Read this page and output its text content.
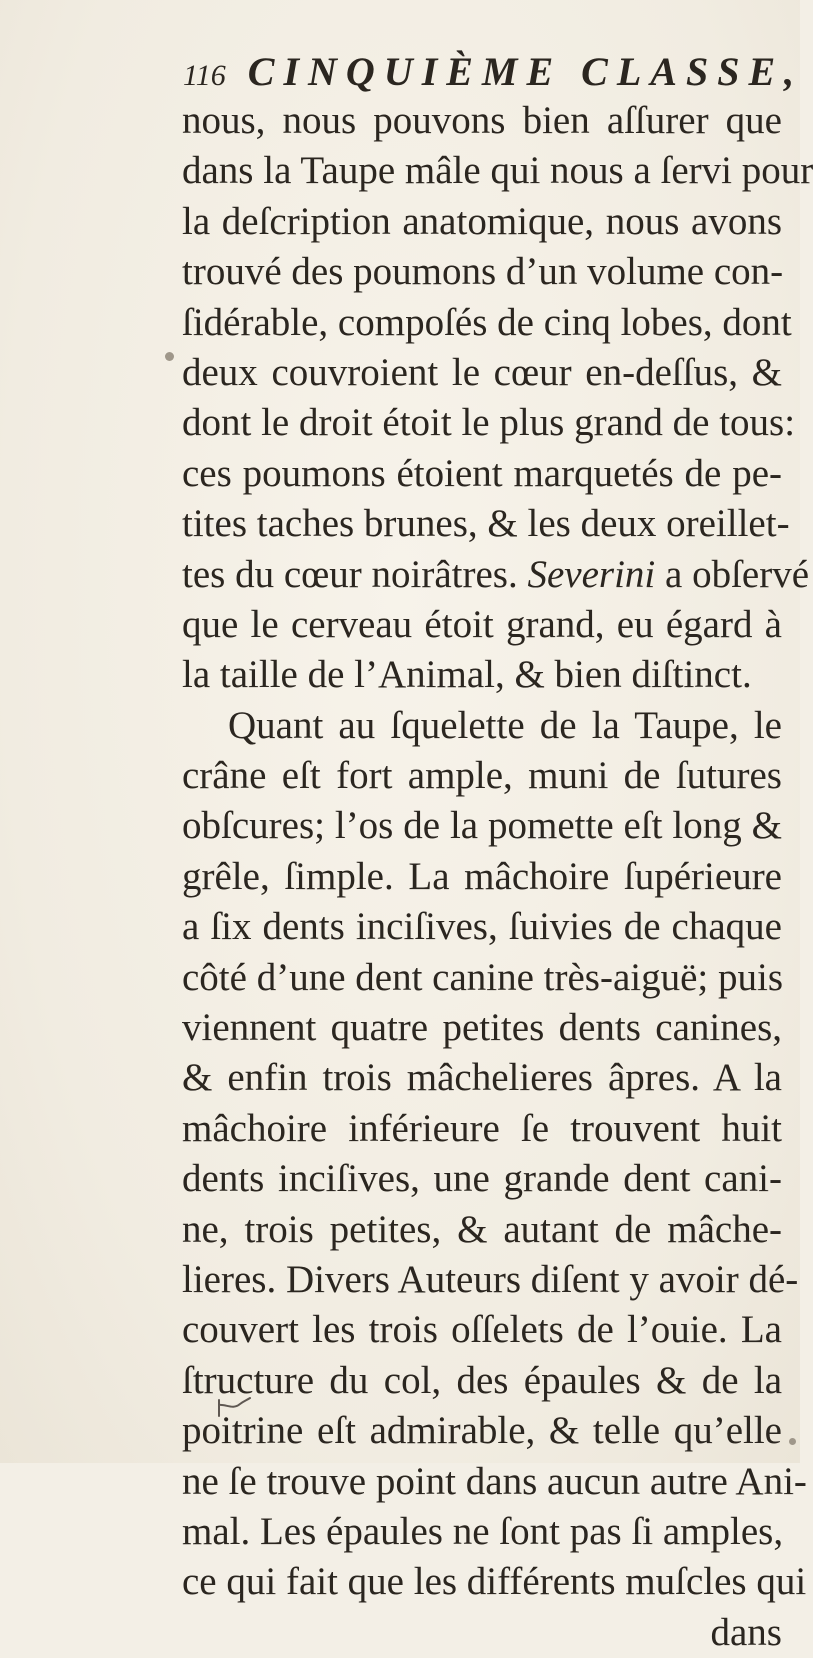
116 CINQUIÈME CLASSE,
nous, nous pouvons bien aſſurer que
dans la Taupe mâle qui nous a ſervi pour
la deſcription anatomique, nous avons
trouvé des poumons d’un volume con-
ſidérable, compoſés de cinq lobes, dont
deux couvroient le cœur en-deſſus, &
dont le droit étoit le plus grand de tous:
ces poumons étoient marquetés de pe-
tites taches brunes, & les deux oreillet-
tes du cœur noirâtres. Severini a obſervé
que le cerveau étoit grand, eu égard à
la taille de l’Animal, & bien diſtinct.
Quant au ſquelette de la Taupe, le
crâne eſt fort ample, muni de ſutures
obſcures; l’os de la pomette eſt long &
grêle, ſimple. La mâchoire ſupérieure
a ſix dents inciſives, ſuivies de chaque
côté d’une dent canine très-aiguë; puis
viennent quatre petites dents canines,
& enfin trois mâchelieres âpres. A la
mâchoire inférieure ſe trouvent huit
dents inciſives, une grande dent cani-
ne, trois petites, & autant de mâche-
lieres. Divers Auteurs diſent y avoir dé-
couvert les trois oſſelets de l’ouie. La
ſtructure du col, des épaules & de la
poitrine eſt admirable, & telle qu’elle
ne ſe trouve point dans aucun autre Ani-
mal. Les épaules ne ſont pas ſi amples,
ce qui fait que les différents muſcles qui
dans
